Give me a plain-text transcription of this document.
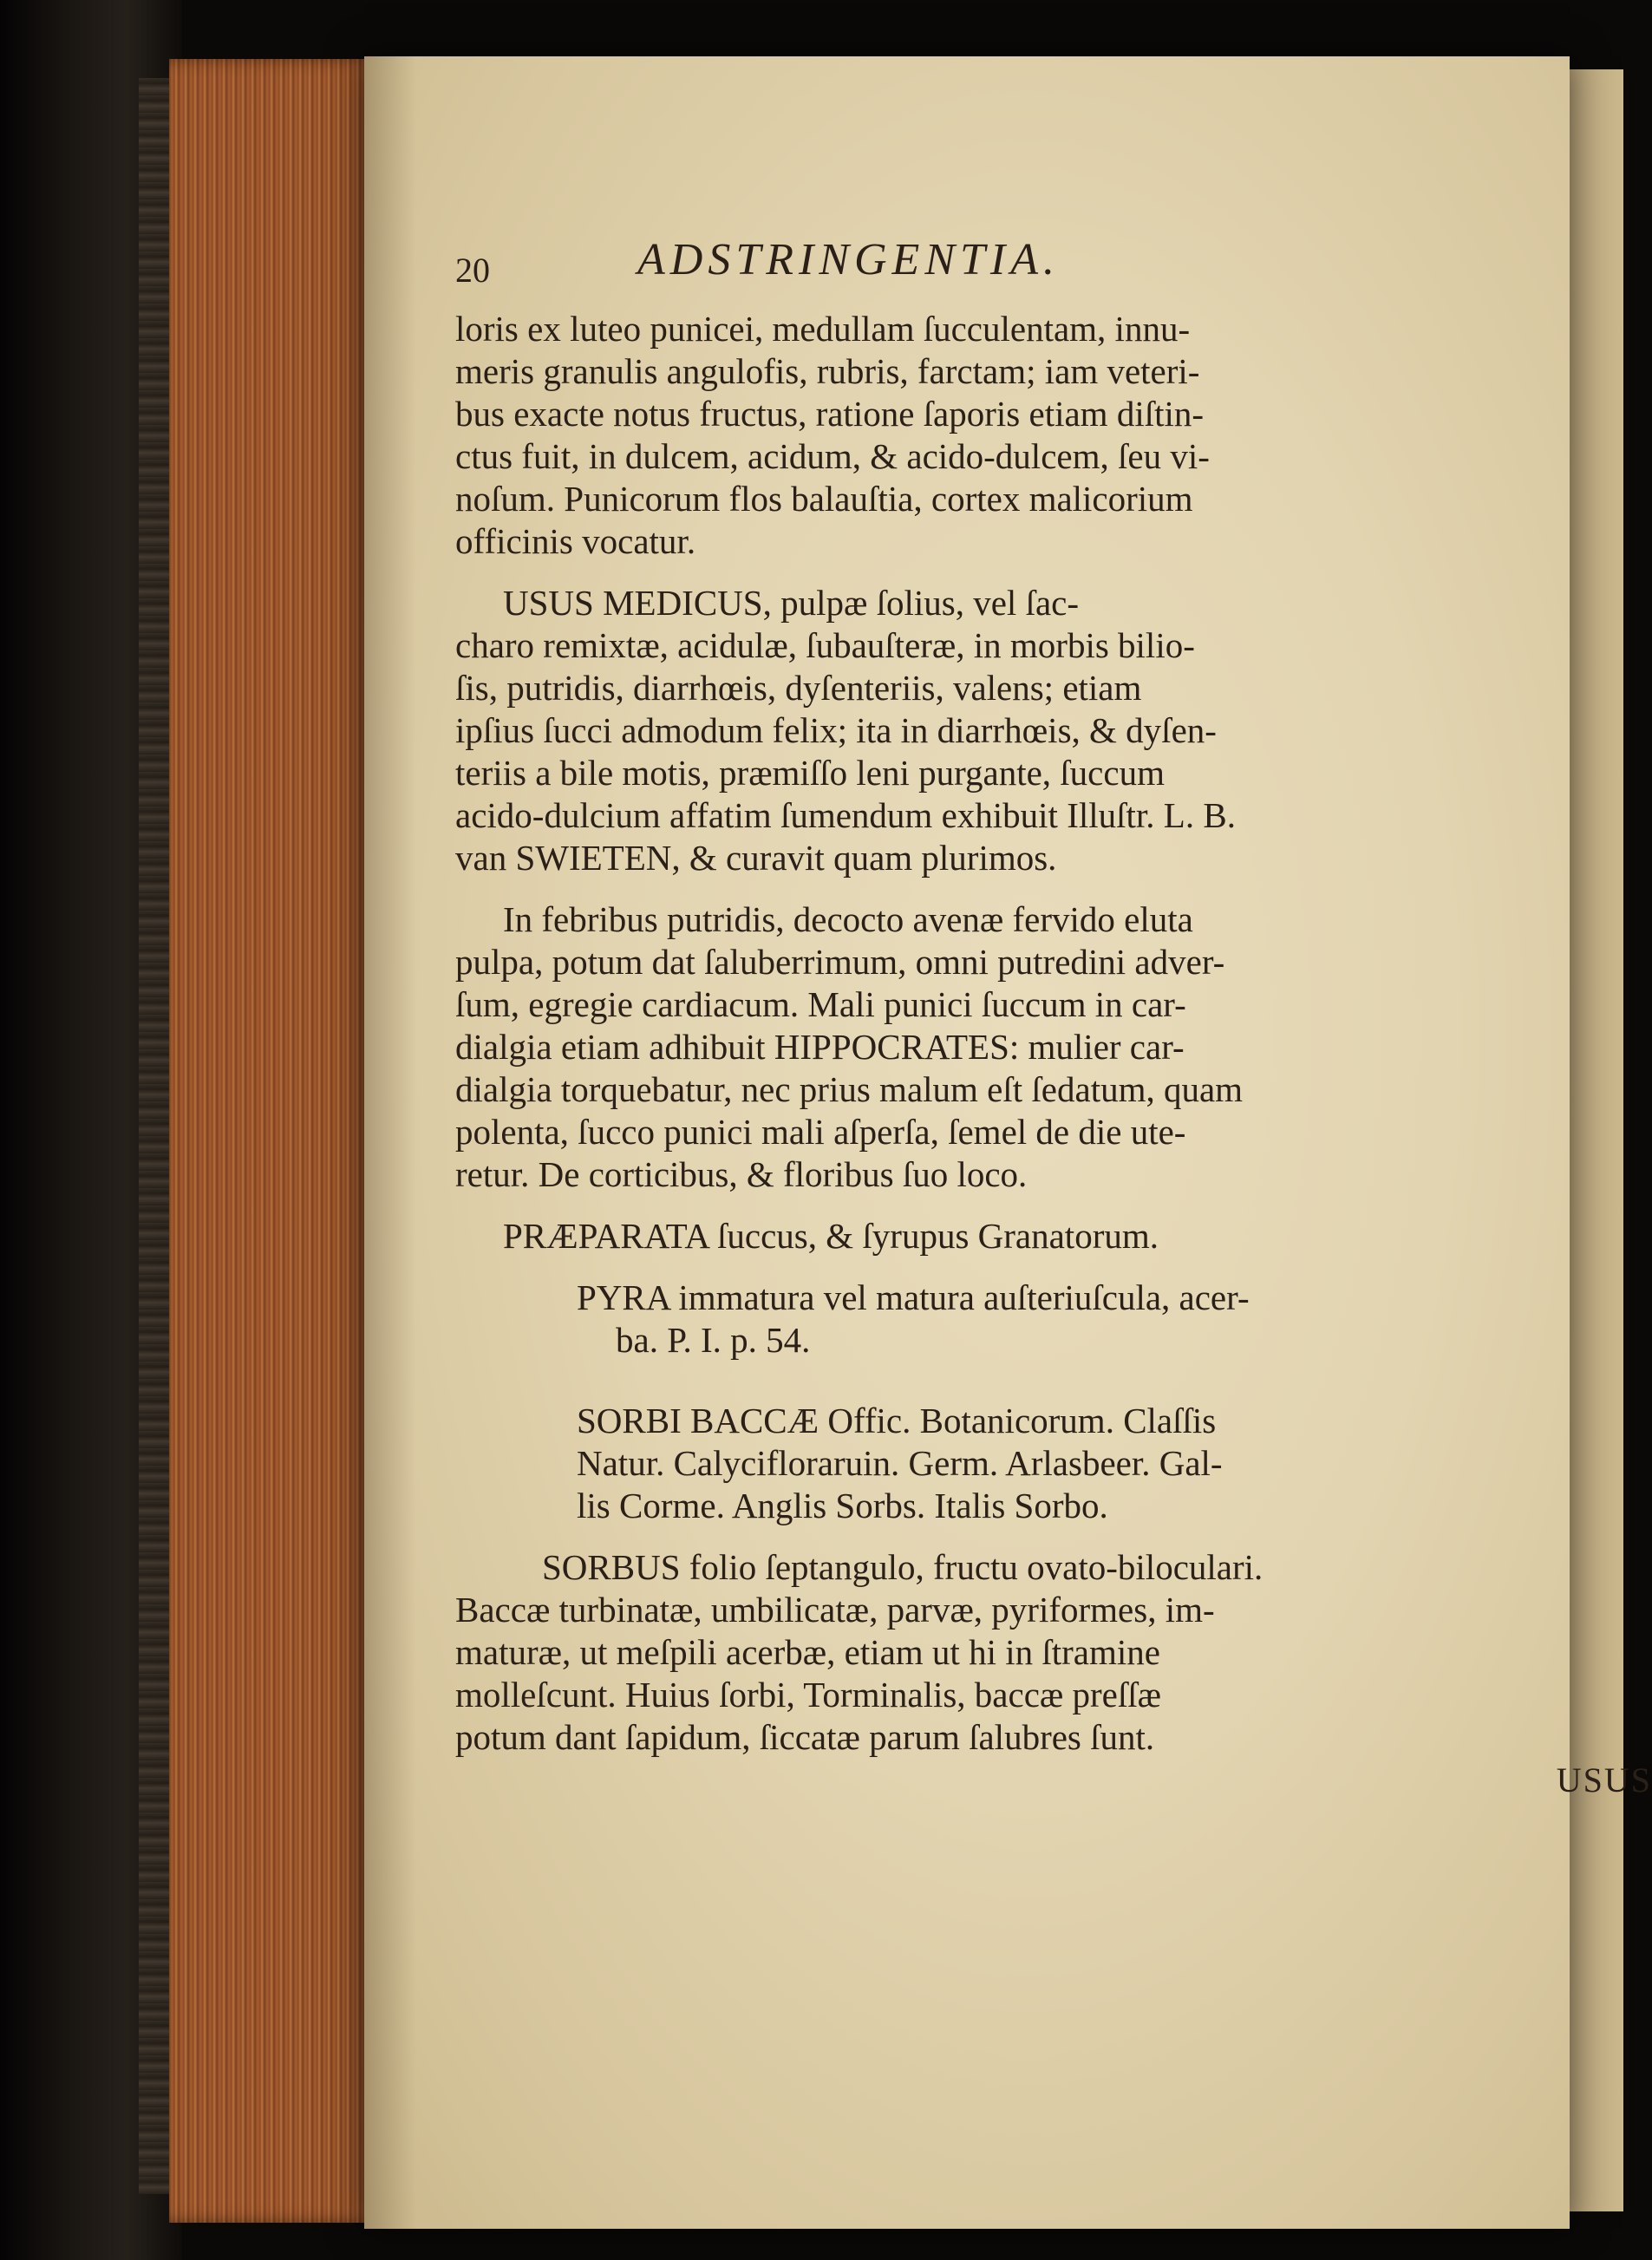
20	ADSTRINGENTIA.
loris ex luteo punicei, medullam ſucculentam, innu-
meris granulis angulofis, rubris, farctam; iam veteri-
bus exacte notus fructus, ratione ſaporis etiam diſtin-
ctus fuit, in dulcem, acidum, & acido-dulcem, ſeu vi-
noſum. Punicorum flos balauſtia, cortex malicorium
officinis vocatur.
USUS MEDICUS, pulpæ ſolius, vel ſac-
charo remixtæ, acidulæ, ſubauſteræ, in morbis bilio-
ſis, putridis, diarrhœis, dyſenteriis, valens; etiam
ipſius ſucci admodum felix; ita in diarrhœis, & dyſen-
teriis a bile motis, præmiſſo leni purgante, ſuccum
acido-dulcium affatim ſumendum exhibuit Illuſtr. L. B.
van SWIETEN, & curavit quam plurimos.
In febribus putridis, decocto avenæ fervido eluta
pulpa, potum dat ſaluberrimum, omni putredini adver-
ſum, egregie cardiacum. Mali punici ſuccum in car-
dialgia etiam adhibuit HIPPOCRATES: mulier car-
dialgia torquebatur, nec prius malum eſt ſedatum, quam
polenta, ſucco punici mali aſperſa, ſemel de die ute-
retur. De corticibus, & floribus ſuo loco.
PRÆPARATA ſuccus, & ſyrupus Granatorum.
PYRA immatura vel matura auſteriuſcula, acer-
ba. P. I. p. 54.
SORBI BACCÆ Offic. Botanicorum. Claſſis
Natur. Calycifloraruin. Germ. Arlasbeer. Gal-
lis Corme. Anglis Sorbs. Italis Sorbo.
SORBUS folio ſeptangulo, fructu ovato-biloculari.
Baccæ turbinatæ, umbilicatæ, parvæ, pyriformes, im-
maturæ, ut meſpili acerbæ, etiam ut hi in ſtramine
molleſcunt. Huius ſorbi, Torminalis, baccæ preſſæ
potum dant ſapidum, ſiccatæ parum ſalubres ſunt.
USUS
